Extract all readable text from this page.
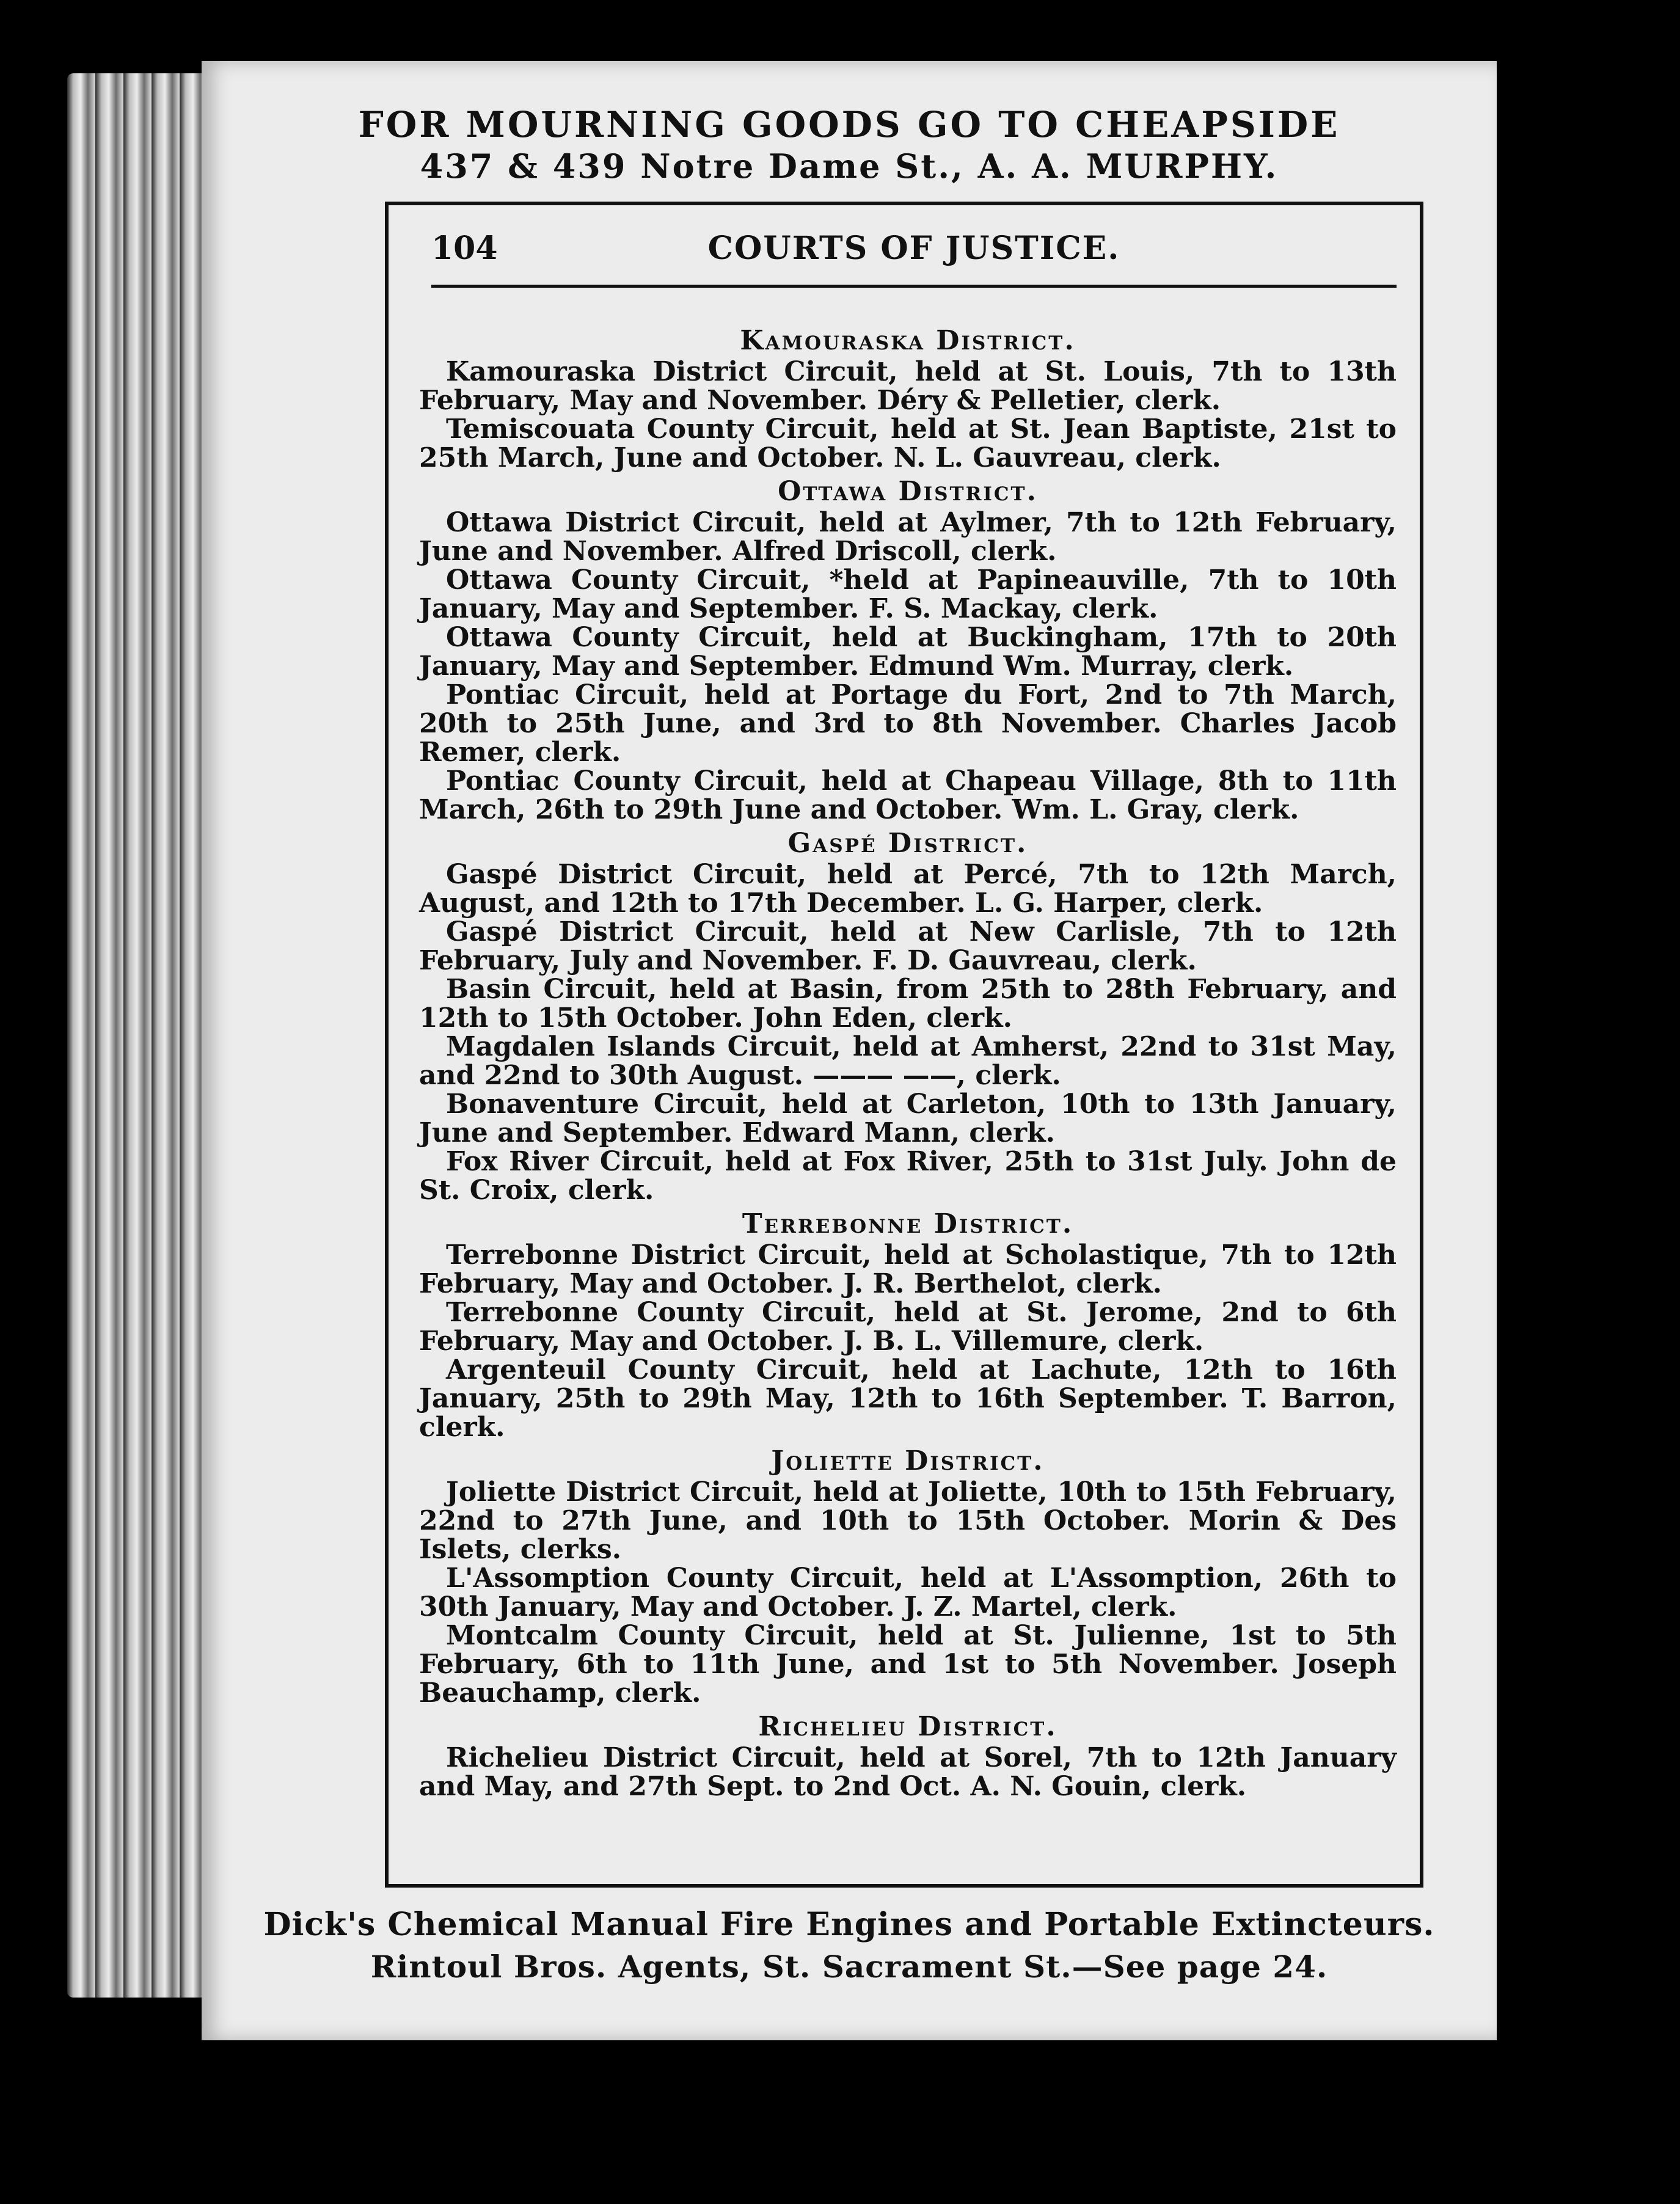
FOR MOURNING GOODS GO TO CHEAPSIDE
437 & 439 Notre Dame St., A. A. MURPHY.
104	COURTS OF JUSTICE.
Kamouraska District.

Kamouraska District Circuit, held at St. Louis, 7th to 13th February, May and November. Déry & Pelletier, clerk.

Temiscouata County Circuit, held at St. Jean Baptiste, 21st to 25th March, June and October. N. L. Gauvreau, clerk.

Ottawa District.

Ottawa District Circuit, held at Aylmer, 7th to 12th February, June and November. Alfred Driscoll, clerk.

Ottawa County Circuit, *held at Papineauville, 7th to 10th January, May and September. F. S. Mackay, clerk.

Ottawa County Circuit, held at Buckingham, 17th to 20th January, May and September. Edmund Wm. Murray, clerk.

Pontiac Circuit, held at Portage du Fort, 2nd to 7th March, 20th to 25th June, and 3rd to 8th November. Charles Jacob Remer, clerk.

Pontiac County Circuit, held at Chapeau Village, 8th to 11th March, 26th to 29th June and October. Wm. L. Gray, clerk.

Gaspé District.

Gaspé District Circuit, held at Percé, 7th to 12th March, August, and 12th to 17th December. L. G. Harper, clerk.

Gaspé District Circuit, held at New Carlisle, 7th to 12th February, July and November. F. D. Gauvreau, clerk.

Basin Circuit, held at Basin, from 25th to 28th February, and 12th to 15th October. John Eden, clerk.

Magdalen Islands Circuit, held at Amherst, 22nd to 31st May, and 22nd to 30th August. ——— ——, clerk.

Bonaventure Circuit, held at Carleton, 10th to 13th January, June and September. Edward Mann, clerk.

Fox River Circuit, held at Fox River, 25th to 31st July. John de St. Croix, clerk.

Terrebonne District.

Terrebonne District Circuit, held at Scholastique, 7th to 12th February, May and October. J. R. Berthelot, clerk.

Terrebonne County Circuit, held at St. Jerome, 2nd to 6th February, May and October. J. B. L. Villemure, clerk.

Argenteuil County Circuit, held at Lachute, 12th to 16th January, 25th to 29th May, 12th to 16th September. T. Barron, clerk.

Joliette District.

Joliette District Circuit, held at Joliette, 10th to 15th February, 22nd to 27th June, and 10th to 15th October. Morin & Des Islets, clerks.

L'Assomption County Circuit, held at L'Assomption, 26th to 30th January, May and October. J. Z. Martel, clerk.

Montcalm County Circuit, held at St. Julienne, 1st to 5th February, 6th to 11th June, and 1st to 5th November. Joseph Beauchamp, clerk.

Richelieu District.

Richelieu District Circuit, held at Sorel, 7th to 12th January and May, and 27th Sept. to 2nd Oct. A. N. Gouin, clerk.

Dick's Chemical Manual Fire Engines and Portable Extincteurs.
Rintoul Bros. Agents, St. Sacrament St.—See page 24.
